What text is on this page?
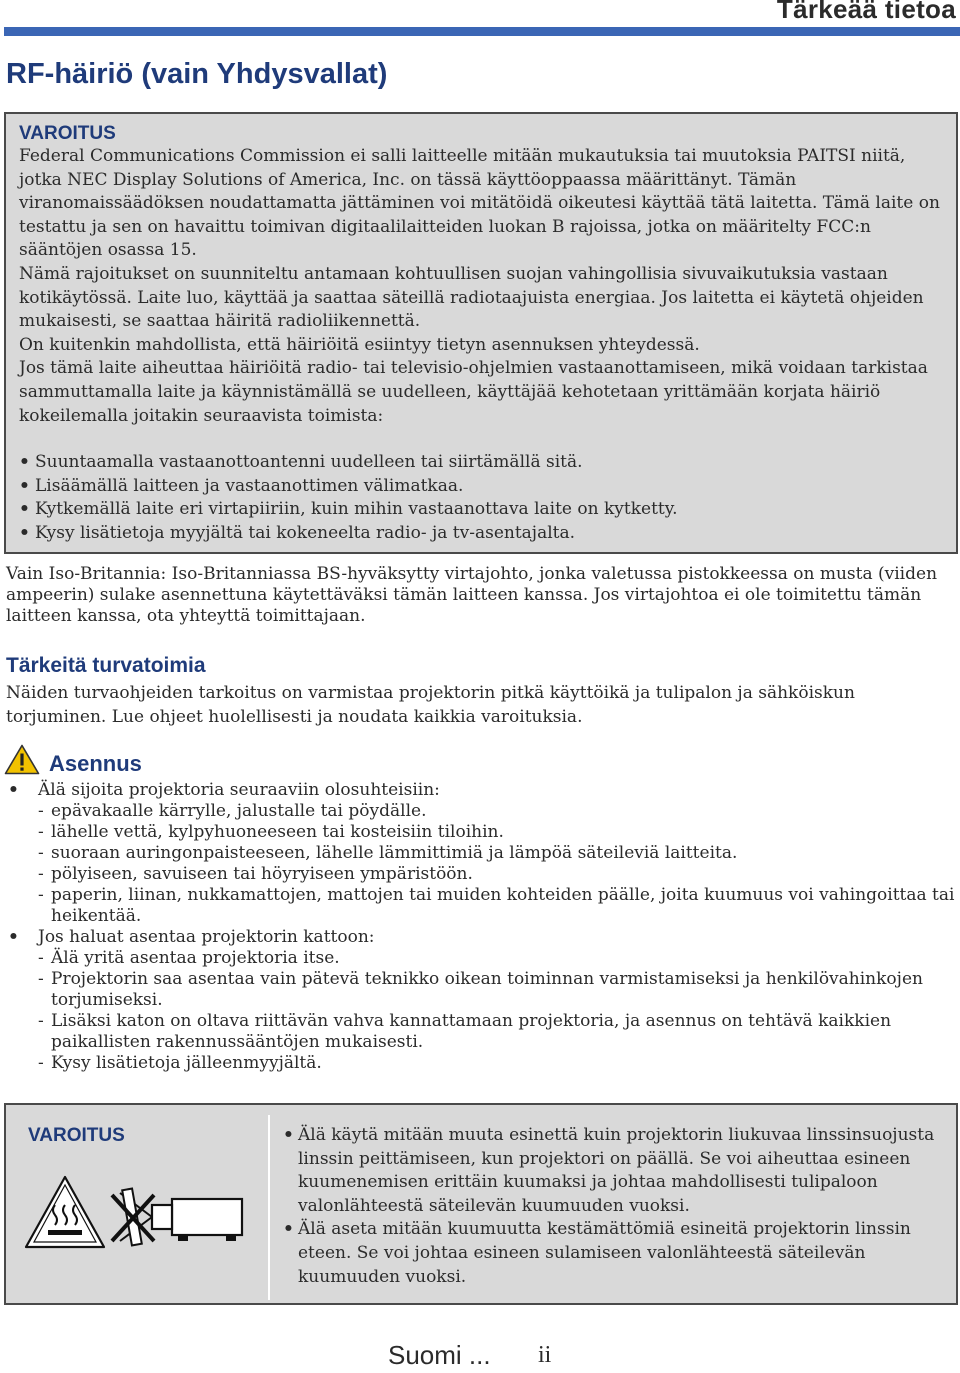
Tärkeää tietoa
RF-häiriö (vain Yhdysvallat)
VAROITUS

Federal Communications Commission ei salli laitteelle mitään mukautuksia tai muutoksia PAITSI niitä, jotka NEC Display Solutions of America, Inc. on tässä käyttöoppaassa määrittänyt. Tämän viranomaissäädöksen noudattamatta jättäminen voi mitätöidä oikeutesi käyttää tätä laitetta. Tämä laite on testattu ja sen on havaittu toimivan digitaalilaitteiden luokan B rajoissa, jotka on määritelty FCC:n sääntöjen osassa 15.

Nämä rajoitukset on suunniteltu antamaan kohtuullisen suojan vahingollisia sivuvaikutuksia vastaan kotikäytössä. Laite luo, käyttää ja saattaa säteillä radiotaajuista energiaa. Jos laitetta ei käytetä ohjeiden mukaisesti, se saattaa häiritä radioliikennettä.

On kuitenkin mahdollista, että häiriöitä esiintyy tietyn asennuksen yhteydessä.

Jos tämä laite aiheuttaa häiriöitä radio- tai televisio-ohjelmien vastaanottamiseen, mikä voidaan tarkistaa sammuttamalla laite ja käynnistämällä se uudelleen, käyttäjää kehotetaan yrittämään korjata häiriö kokeilemalla joitakin seuraavista toimista:

• Suuntaamalla vastaanottoantenni uudelleen tai siirtämällä sitä.
• Lisäämällä laitteen ja vastaanottimen välimatkaa.
• Kytkemällä laite eri virtapiiriin, kuin mihin vastaanottava laite on kytketty.
• Kysy lisätietoja myyjältä tai kokeneelta radio- ja tv-asentajalta.

Vain Iso-Britannia: Iso-Britanniassa BS-hyväksytty virtajohto, jonka valetussa pistokkeessa on musta (viiden ampeerin) sulake asennettuna käytettäväksi tämän laitteen kanssa. Jos virtajohtoa ei ole toimitettu tämän laitteen kanssa, ota yhteyttä toimittajaan.

Tärkeitä turvatoimia

Näiden turvaohjeiden tarkoitus on varmistaa projektorin pitkä käyttöikä ja tulipalon ja sähköiskun torjuminen. Lue ohjeet huolellisesti ja noudata kaikkia varoituksia.

Asennus
• Älä sijoita projektoria seuraaviin olosuhteisiin:
- epävakaalle kärrylle, jalustalle tai pöydälle.
- lähelle vettä, kylpyhuoneeseen tai kosteisiin tiloihin.
- suoraan auringonpaisteeseen, lähelle lämmittimiä ja lämpöä säteileviä laitteita.
- pölyiseen, savuiseen tai höyryiseen ympäristöön.
- paperin, liinan, nukkamattojen, mattojen tai muiden kohteiden päälle, joita kuumuus voi vahingoittaa tai heikentää.
• Jos haluat asentaa projektorin kattoon:
- Älä yritä asentaa projektoria itse.
- Projektorin saa asentaa vain pätevä teknikko oikean toiminnan varmistamiseksi ja henkilövahinkojen torjumiseksi.
- Lisäksi katon on oltava riittävän vahva kannattamaan projektoria, ja asennus on tehtävä kaikkien paikallisten rakennussääntöjen mukaisesti.
- Kysy lisätietoja jälleenmyyjältä.
VAROITUS
•	Älä käytä mitään muuta esinettä kuin projektorin liukuvaa linssinsuojusta linssin peittämiseen, kun projektori on päällä. Se voi aiheuttaa esineen kuumenemisen erittäin kuumaksi ja johtaa mahdollisesti tulipaloon valonlähteestä säteilevän kuumuuden vuoksi.
• Älä aseta mitään kuumuutta kestämättömiä esineitä projektorin linssin eteen. Se voi johtaa esineen sulamiseen valonlähteestä säteilevän kuumuuden vuoksi.
Suomi ... ii
